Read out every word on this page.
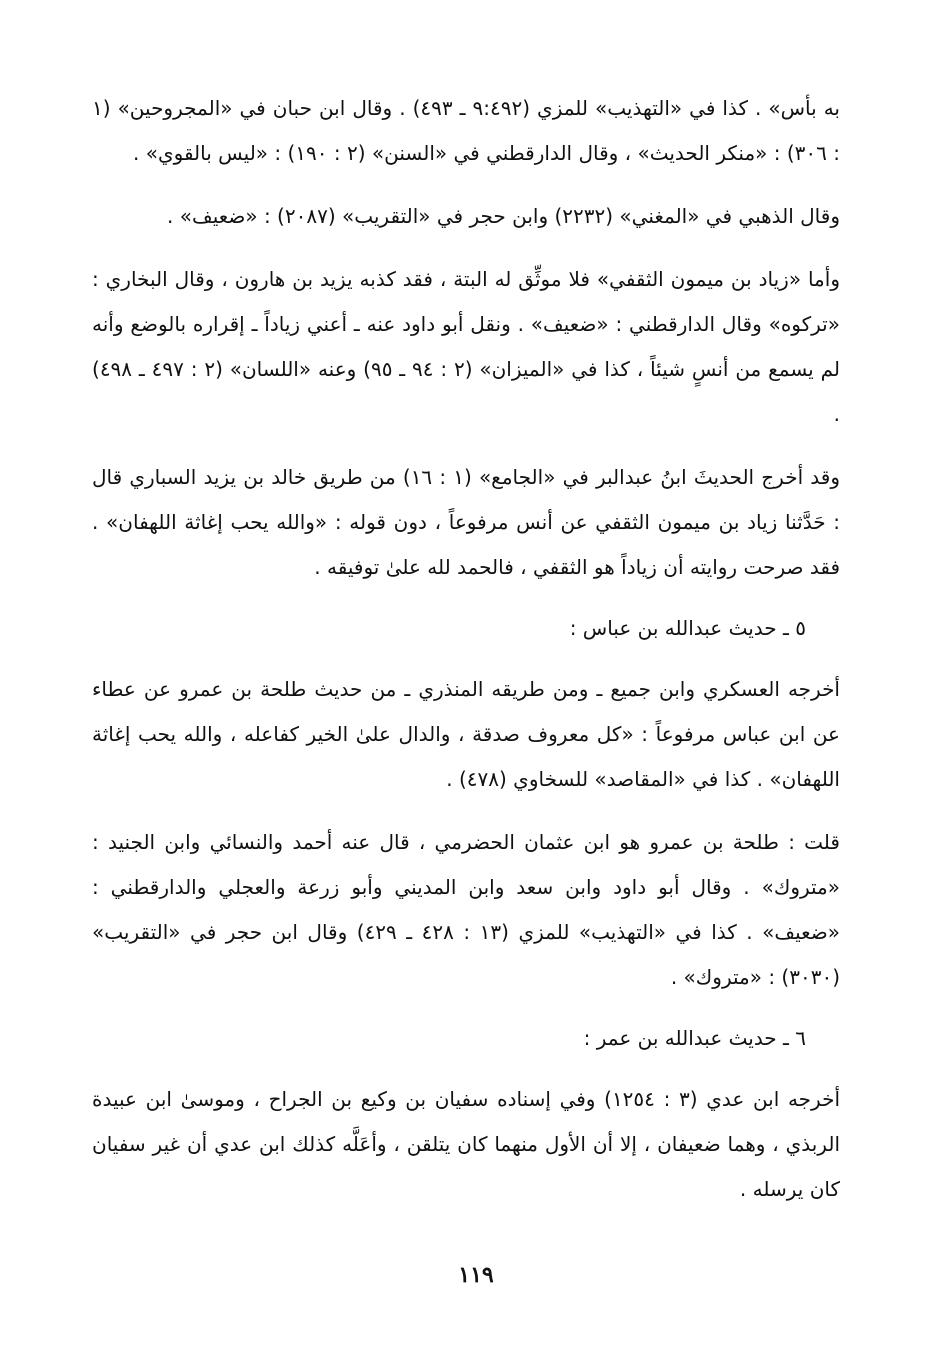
به بأس» . كذا في «التهذيب» للمزي (٩:٤٩٢ ـ ٤٩٣) . وقال ابن حبان في «المجروحين» (١ : ٣٠٦) : «منكر الحديث» ، وقال الدارقطني في «السنن» (٢ : ١٩٠) : «ليس بالقوي» .

وقال الذهبي في «المغني» (٢٢٣٢) وابن حجر في «التقريب» (٢٠٨٧) : «ضعيف» .

وأما «زياد بن ميمون الثقفي» فلا موثِّق له البتة ، فقد كذبه يزيد بن هارون ، وقال البخاري : «تركوه» وقال الدارقطني : «ضعيف» . ونقل أبو داود عنه ـ أعني زياداً ـ إقراره بالوضع وأنه لم يسمع من أنسٍ شيئاً ، كذا في «الميزان» (٢ : ٩٤ ـ ٩٥) وعنه «اللسان» (٢ : ٤٩٧ ـ ٤٩٨) .

وقد أخرج الحديثَ ابنُ عبدالبر في «الجامع» (١ : ١٦) من طريق خالد بن يزيد السباري قال : حَدَّثنا زياد بن ميمون الثقفي عن أنس مرفوعاً ، دون قوله : «والله يحب إغاثة اللهفان» . فقد صرحت روايته أن زياداً هو الثقفي ، فالحمد لله علىٰ توفيقه .

٥ ـ حديث عبدالله بن عباس :

أخرجه العسكري وابن جميع ـ ومن طريقه المنذري ـ من حديث طلحة بن عمرو عن عطاء عن ابن عباس مرفوعاً : «كل معروف صدقة ، والدال علىٰ الخير كفاعله ، والله يحب إغاثة اللهفان» . كذا في «المقاصد» للسخاوي (٤٧٨) .

قلت : طلحة بن عمرو هو ابن عثمان الحضرمي ، قال عنه أحمد والنسائي وابن الجنيد : «متروك» . وقال أبو داود وابن سعد وابن المديني وأبو زرعة والعجلي والدارقطني : «ضعيف» . كذا في «التهذيب» للمزي (١٣ : ٤٢٨ ـ ٤٢٩) وقال ابن حجر في «التقريب» (٣٠٣٠) : «متروك» .

٦ ـ حديث عبدالله بن عمر :

أخرجه ابن عدي (٣ : ١٢٥٤) وفي إسناده سفيان بن وكيع بن الجراح ، وموسىٰ ابن عبيدة الربذي ، وهما ضعيفان ، إلا أن الأول منهما كان يتلقن ، وأعَلَّه كذلك ابن عدي أن غير سفيان كان يرسله .

١١٩
